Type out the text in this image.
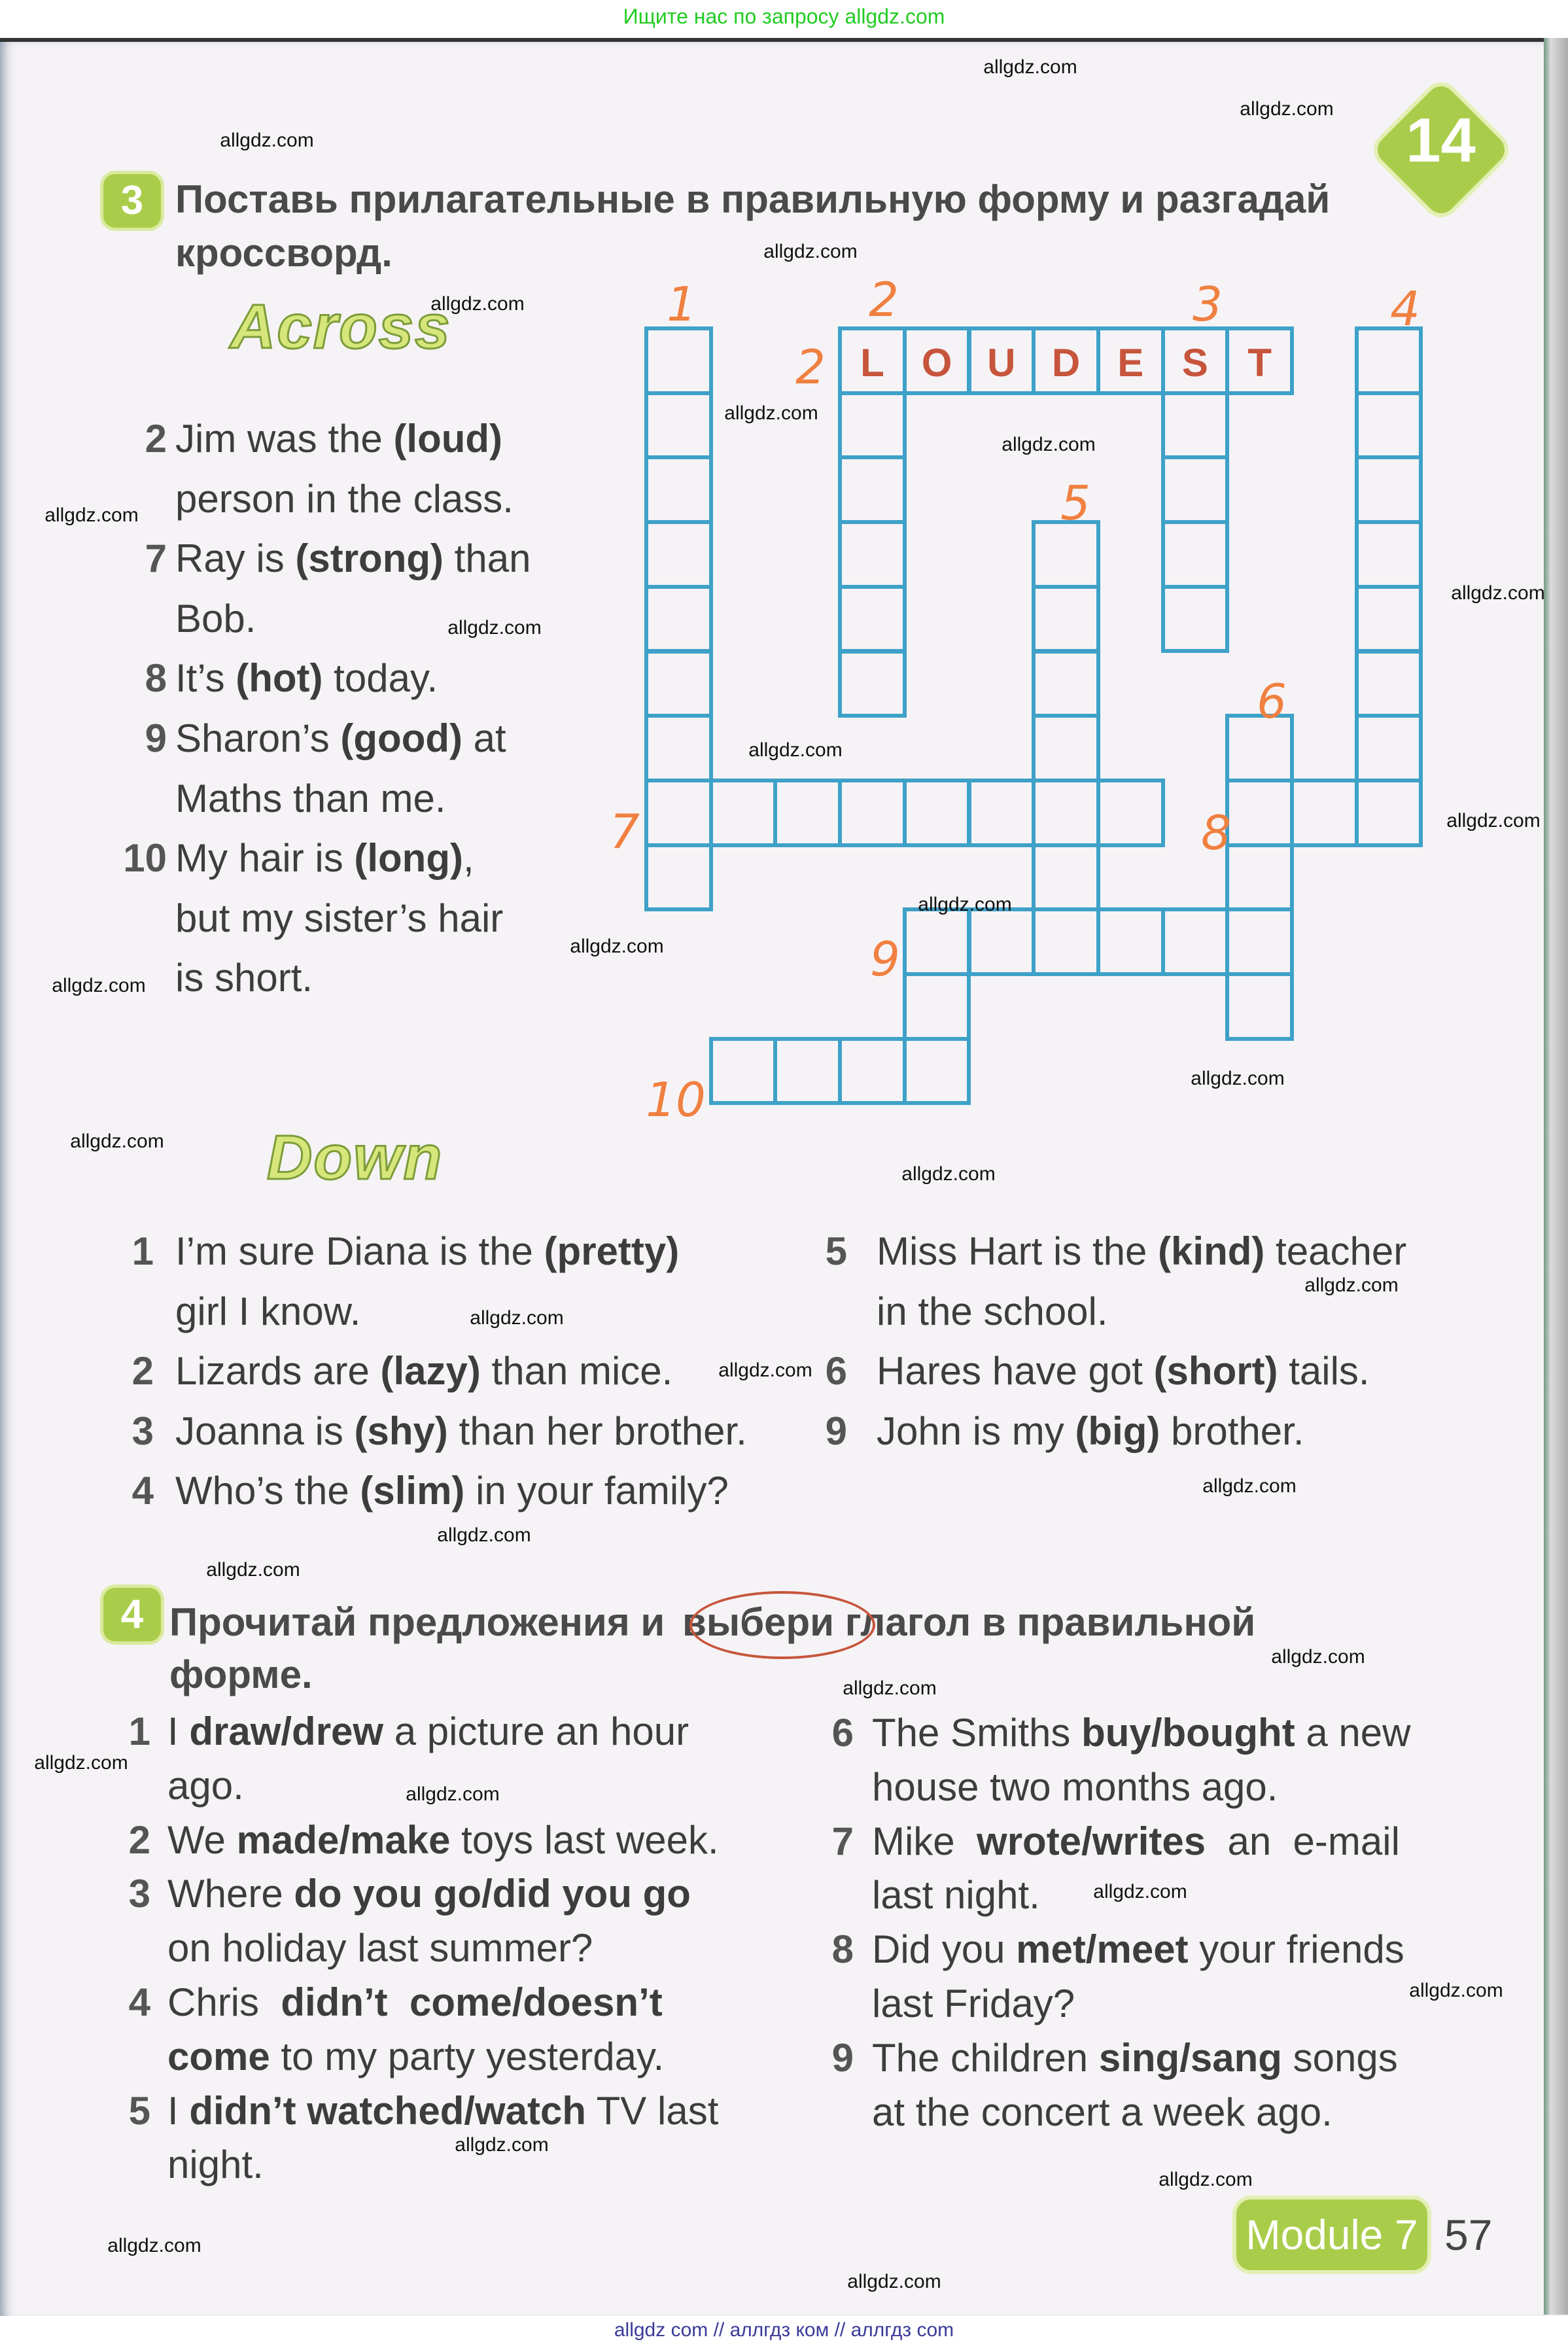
Ищите нас по запросу allgdz.com
allgdz com // аллгдз ком // аллгдз com
14
3 Поставь прилагательные в правильную форму и разгадай
кроссворд.
Across
Down
L O U D E S	T
1	2
2
3	4
5
6
7	8
9
10
2 Jim was the (loud)
person in the class.
7 Ray is (strong) than
Bob.
8 It’s (hot) today.
9 Sharon’s (good) at
Maths than me.
10 My hair is (long),
but my sister’s hair
is short.
1 I’m sure Diana is the (pretty)
girl I know.
2 Lizards are (lazy) than mice.
3 Joanna is (shy) than her brother.
4 Who’s the (slim) in your family?
5 Miss Hart is the (kind) teacher
in the school.
6 Hares have got (short) tails.
9 John is my (big) brother.
1 I draw/drew a picture an hour
ago.
2 We made/make toys last week.
3 Where do you go/did you go
on holiday last summer?
4 Chris  didn’t  come/doesn’t
come to my party yesterday.
5 I didn’t watched/watch TV last
night.
6 The Smiths buy/bought a new
house two months ago.
7 Mike  wrote/writes  an  e-mail
last night.
8 Did you met/meet your friends
last Friday?
9 The children sing/sang songs
at the concert a week ago.
4 Прочитай предложения и выбери глагол в правильной
форме.
Module 7 57
allgdz.com
allgdz.com
allgdz.com
allgdz.com
allgdz.com
allgdz.com
allgdz.com
allgdz.com
allgdz.com
allgdz.com
allgdz.com
allgdz.com
allgdz.com
allgdz.com
allgdz.com
allgdz.com
allgdz.com
allgdz.com
allgdz.com
allgdz.com
allgdz.com
allgdz.com
allgdz.com
allgdz.com
allgdz.com
allgdz.com
allgdz.com
allgdz.com
allgdz.com
allgdz.com
allgdz.com
allgdz.com
allgdz.com
allgdz.com
